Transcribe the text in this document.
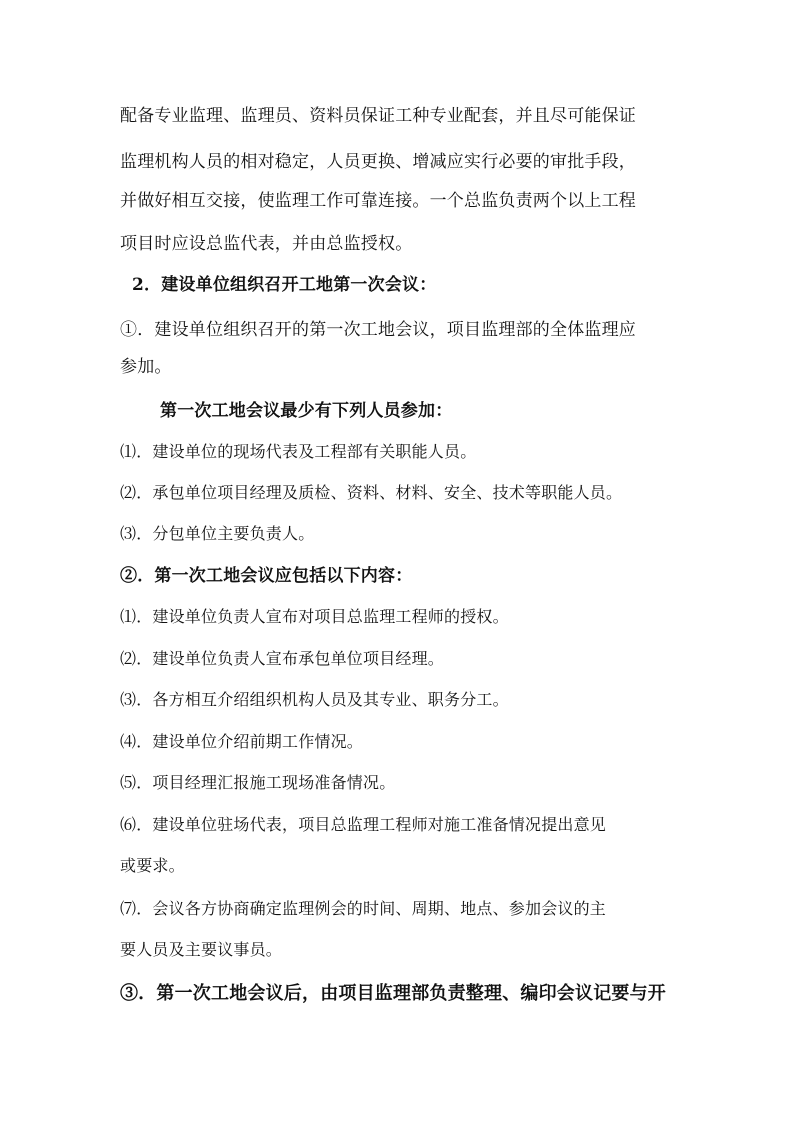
配备专业监理、监理员、资料员保证工种专业配套，并且尽可能保证
监理机构人员的相对稳定，人员更换、增减应实行必要的审批手段，
并做好相互交接，使监理工作可靠连接。一个总监负责两个以上工程
项目时应设总监代表，并由总监授权。
2．建设单位组织召开工地第一次会议：
①．建设单位组织召开的第一次工地会议，项目监理部的全体监理应
参加。
第一次工地会议最少有下列人员参加：
⑴．建设单位的现场代表及工程部有关职能人员。
⑵．承包单位项目经理及质检、资料、材料、安全、技术等职能人员。
⑶．分包单位主要负责人。
②．第一次工地会议应包括以下内容：
⑴．建设单位负责人宣布对项目总监理工程师的授权。
⑵．建设单位负责人宣布承包单位项目经理。
⑶．各方相互介绍组织机构人员及其专业、职务分工。
⑷．建设单位介绍前期工作情况。
⑸．项目经理汇报施工现场准备情况。
⑹．建设单位驻场代表，项目总监理工程师对施工准备情况提出意见
或要求。
⑺．会议各方协商确定监理例会的时间、周期、地点、参加会议的主
要人员及主要议事员。
③．第一次工地会议后，由项目监理部负责整理、编印会议记要与开
